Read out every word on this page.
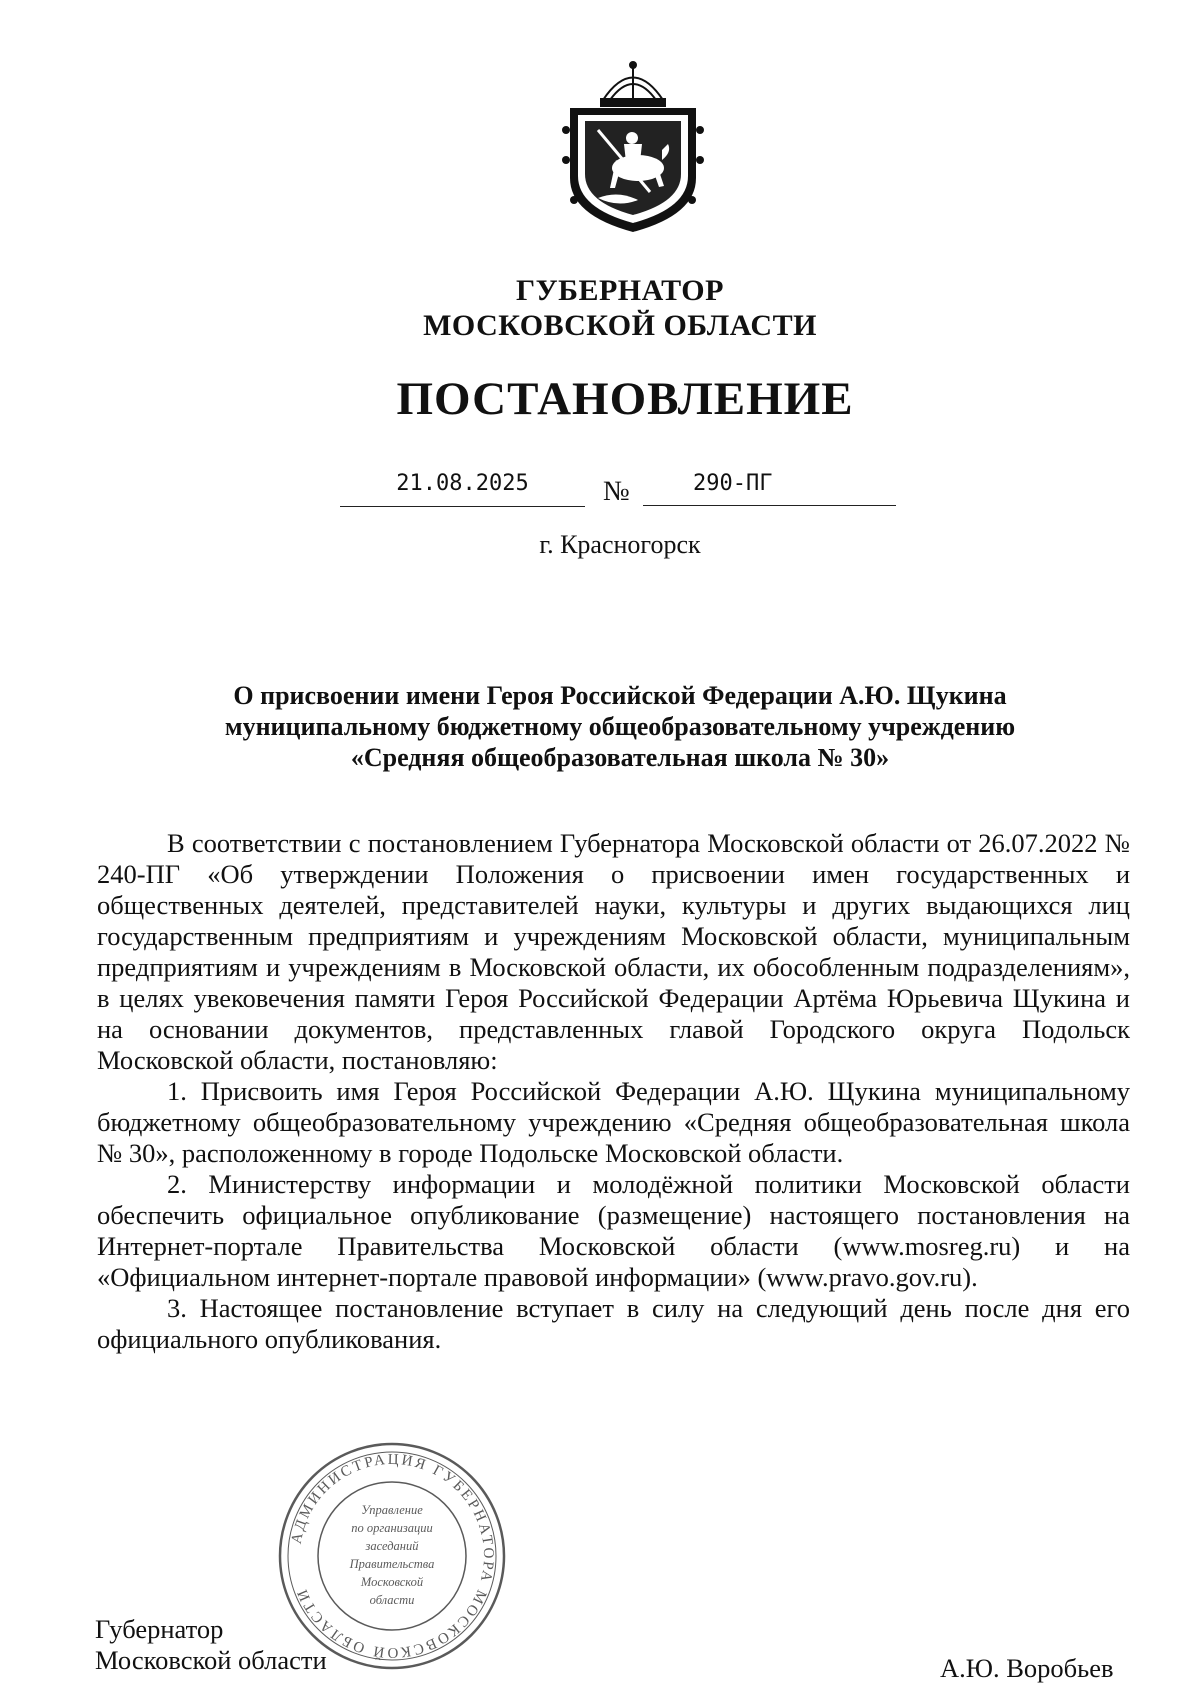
ГУБЕРНАТОР
МОСКОВСКОЙ ОБЛАСТИ
ПОСТАНОВЛЕНИЕ
21.08.2025	№	290-ПГ
г. Красногорск
О присвоении имени Героя Российской Федерации А.Ю. Щукина
муниципальному бюджетному общеобразовательному учреждению
«Средняя общеобразовательная школа № 30»

В соответствии с постановлением Губернатора Московской области от 26.07.2022 № 240-ПГ «Об утверждении Положения о присвоении имен государственных и общественных деятелей, представителей науки, культуры и других выдающихся лиц государственным предприятиям и учреждениям Московской области, муниципальным предприятиям и учреждениям в Московской области, их обособленным подразделениям», в целях увековечения памяти Героя Российской Федерации Артёма Юрьевича Щукина и на основании документов, представленных главой Городского округа Подольск Московской области, постановляю:

1. Присвоить имя Героя Российской Федерации А.Ю. Щукина муниципальному бюджетному общеобразовательному учреждению «Средняя общеобразовательная школа № 30», расположенному в городе Подольске Московской области.

2. Министерству информации и молодёжной политики Московской области обеспечить официальное опубликование (размещение) настоящего постановления на Интернет-портале Правительства Московской области (www.mosreg.ru) и на «Официальном интернет-портале правовой информации» (www.pravo.gov.ru).

3. Настоящее постановление вступает в силу на следующий день после дня его официального опубликования.

АДМИНИСТРАЦИЯ ГУБЕРНАТОРА МОСКОВСКОЙ ОБЛАСТИ
Управление
по организации
заседаний
Правительства
Московской
области
Губернатор
Московской области	А.Ю. Воробьев
